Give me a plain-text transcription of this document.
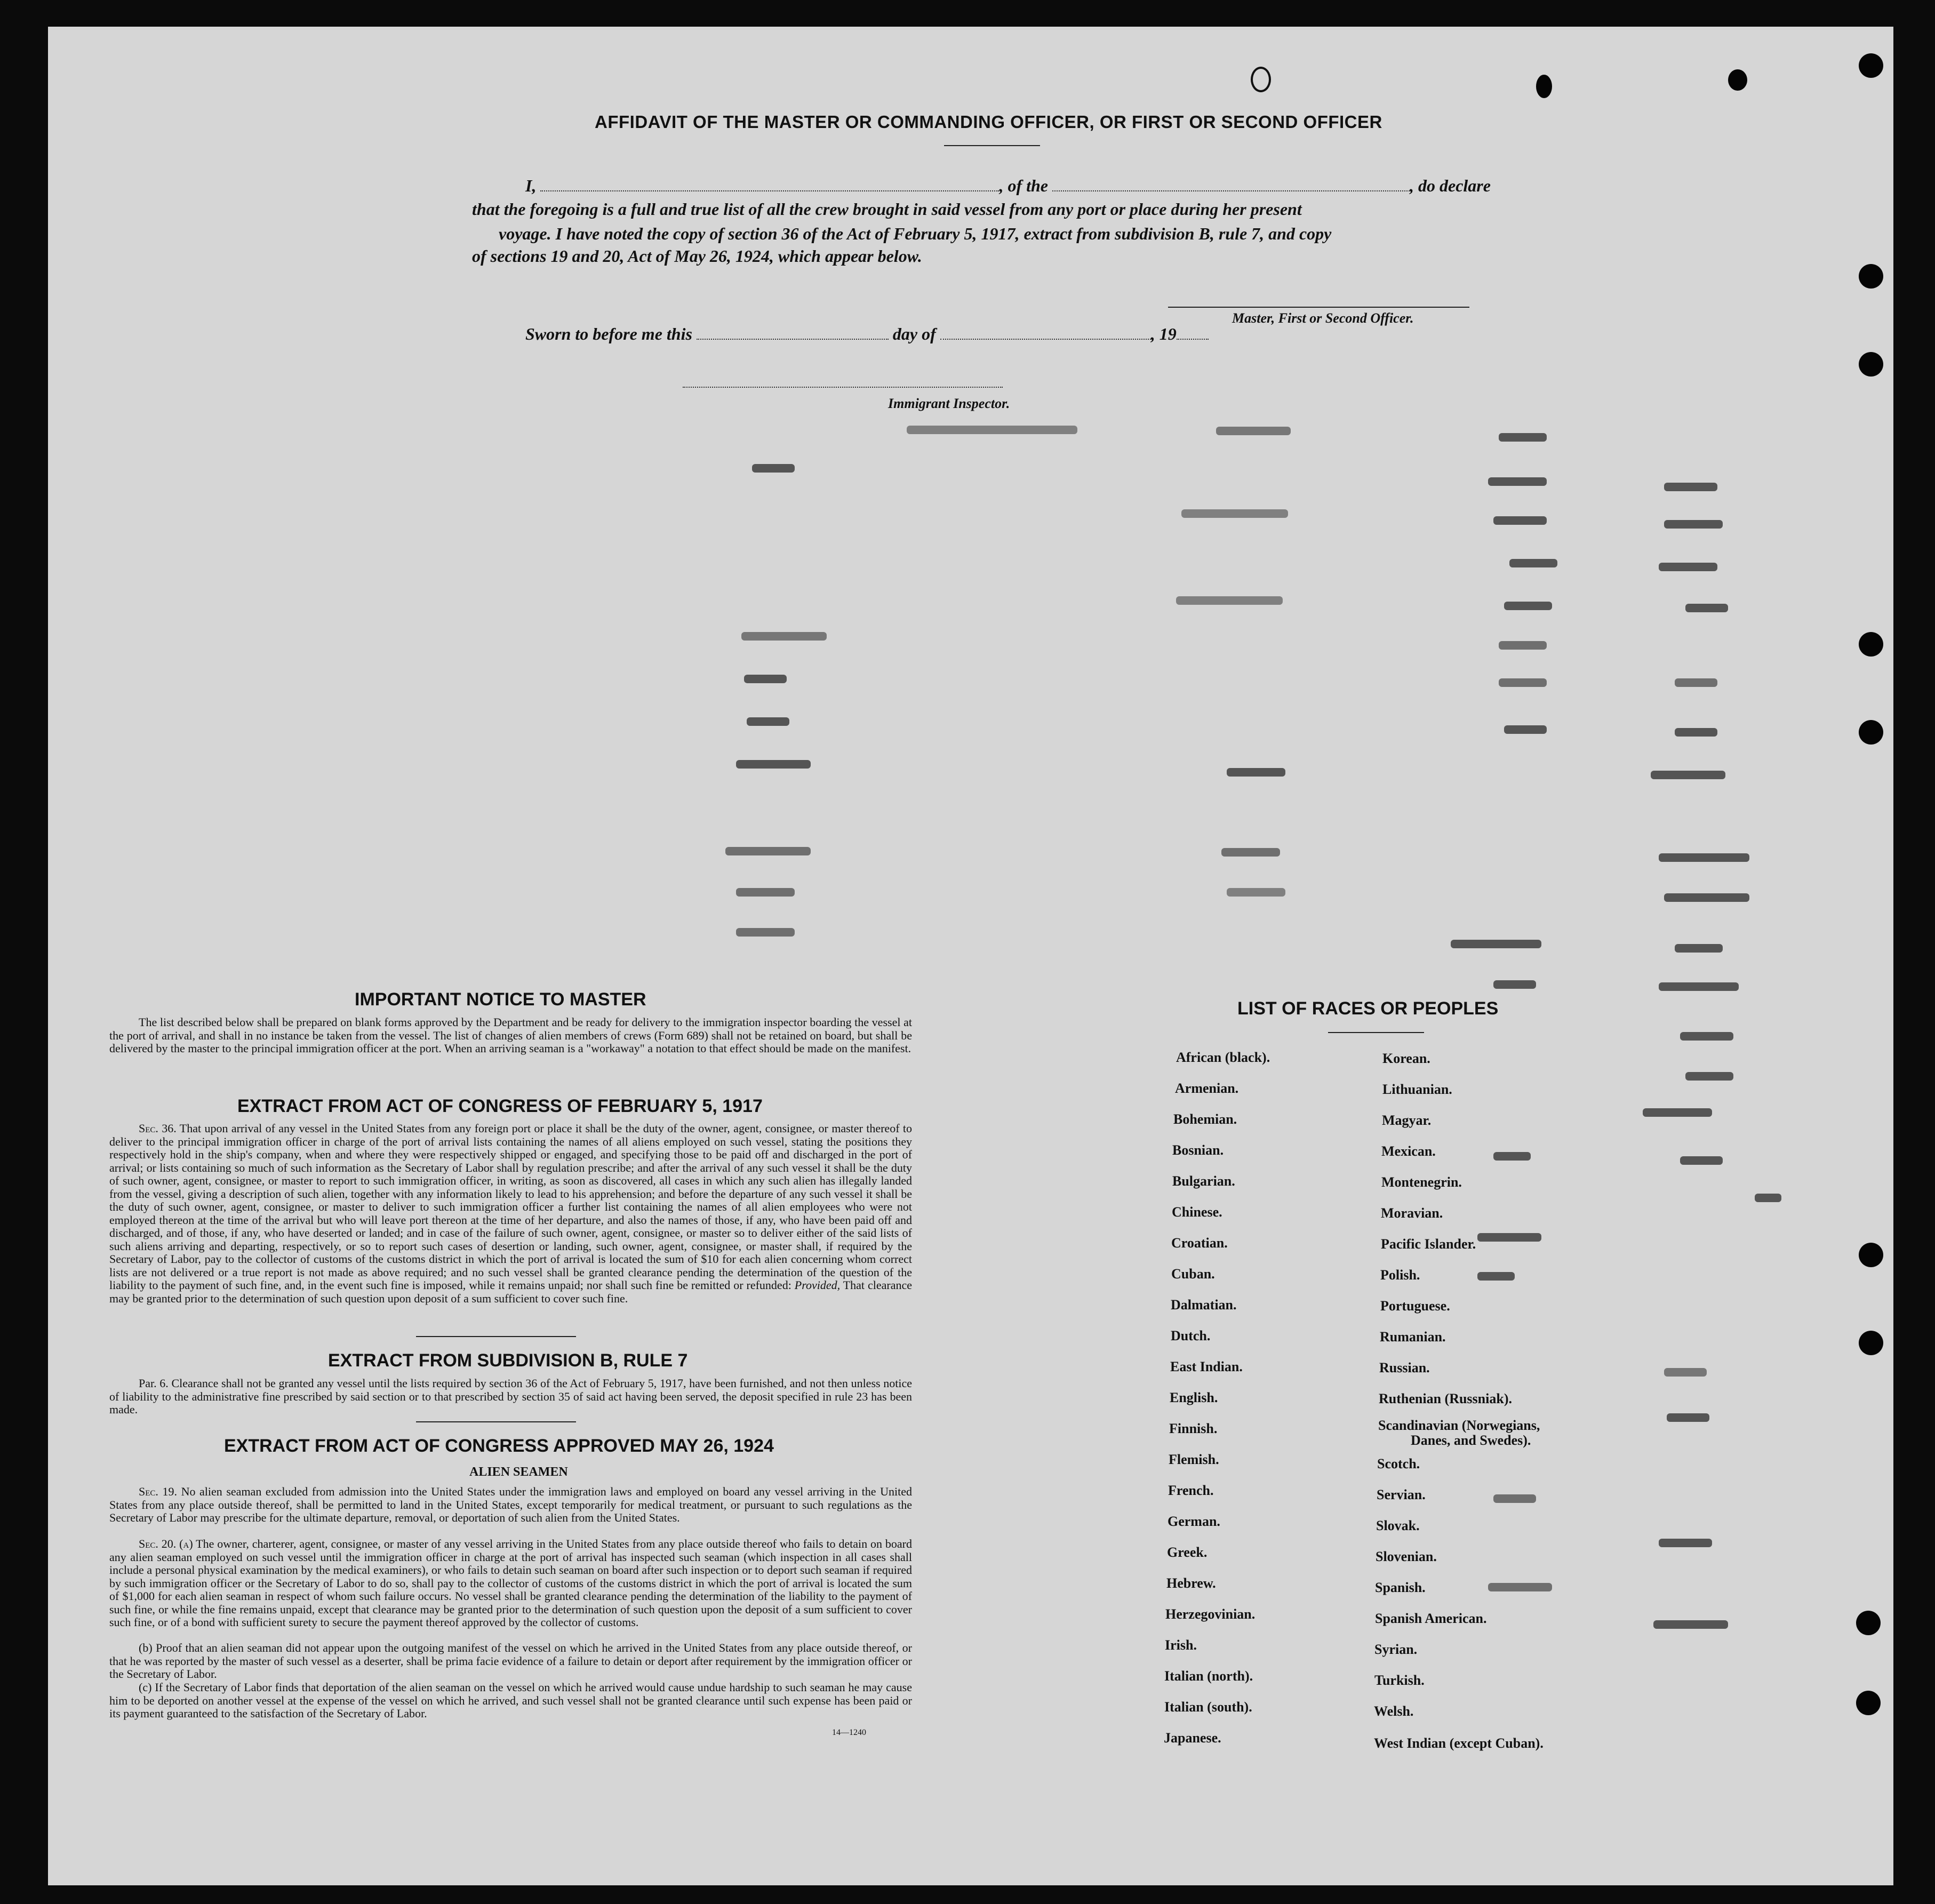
AFFIDAVIT OF THE MASTER OR COMMANDING OFFICER, OR FIRST OR SECOND OFFICER
I,	, of the	, do declare
that the foregoing is a full and true list of all the crew brought in said vessel from any port or place during her present
voyage. I have noted the copy of section 36 of the Act of February 5, 1917, extract from subdivision B, rule 7, and copy
of sections 19 and 20, Act of May 26, 1924, which appear below.
Master, First or Second Officer.
Sworn to before me this	day of	, 19
Immigrant Inspector.
IMPORTANT NOTICE TO MASTER
The list described below shall be prepared on blank forms approved by the Department and be ready for delivery to the immigration inspector boarding the vessel at the port of arrival, and shall in no instance be taken from the vessel. The list of changes of alien members of crews (Form 689) shall not be retained on board, but shall be delivered by the master to the principal immigration officer at the port. When an arriving seaman is a "workaway" a notation to that effect should be made on the manifest.
EXTRACT FROM ACT OF CONGRESS OF FEBRUARY 5, 1917
Sec. 36. That upon arrival of any vessel in the United States from any foreign port or place it shall be the duty of the owner, agent, consignee, or master thereof to deliver to the principal immigration officer in charge of the port of arrival lists containing the names of all aliens employed on such vessel, stating the positions they respectively hold in the ship's company, when and where they were respectively shipped or engaged, and specifying those to be paid off and discharged in the port of arrival; or lists containing so much of such information as the Secretary of Labor shall by regulation prescribe; and after the arrival of any such vessel it shall be the duty of such owner, agent, consignee, or master to report to such immigration officer, in writing, as soon as discovered, all cases in which any such alien has illegally landed from the vessel, giving a description of such alien, together with any information likely to lead to his apprehension; and before the departure of any such vessel it shall be the duty of such owner, agent, consignee, or master to deliver to such immigration officer a further list containing the names of all alien employees who were not employed thereon at the time of the arrival but who will leave port thereon at the time of her departure, and also the names of those, if any, who have been paid off and discharged, and of those, if any, who have deserted or landed; and in case of the failure of such owner, agent, consignee, or master so to deliver either of the said lists of such aliens arriving and departing, respectively, or so to report such cases of desertion or landing, such owner, agent, consignee, or master shall, if required by the Secretary of Labor, pay to the collector of customs of the customs district in which the port of arrival is located the sum of $10 for each alien concerning whom correct lists are not delivered or a true report is not made as above required; and no such vessel shall be granted clearance pending the determination of the question of the liability to the payment of such fine, and, in the event such fine is imposed, while it remains unpaid; nor shall such fine be remitted or refunded: Provided, That clearance may be granted prior to the determination of such question upon deposit of a sum sufficient to cover such fine.
EXTRACT FROM SUBDIVISION B, RULE 7
Par. 6. Clearance shall not be granted any vessel until the lists required by section 36 of the Act of February 5, 1917, have been furnished, and not then unless notice of liability to the administrative fine prescribed by said section or to that prescribed by section 35 of said act having been served, the deposit specified in rule 23 has been made.
EXTRACT FROM ACT OF CONGRESS APPROVED MAY 26, 1924
ALIEN SEAMEN
Sec. 19. No alien seaman excluded from admission into the United States under the immigration laws and employed on board any vessel arriving in the United States from any place outside thereof, shall be permitted to land in the United States, except temporarily for medical treatment, or pursuant to such regulations as the Secretary of Labor may prescribe for the ultimate departure, removal, or deportation of such alien from the United States.
Sec. 20. (a) The owner, charterer, agent, consignee, or master of any vessel arriving in the United States from any place outside thereof who fails to detain on board any alien seaman employed on such vessel until the immigration officer in charge at the port of arrival has inspected such seaman (which inspection in all cases shall include a personal physical examination by the medical examiners), or who fails to detain such seaman on board after such inspection or to deport such seaman if required by such immigration officer or the Secretary of Labor to do so, shall pay to the collector of customs of the customs district in which the port of arrival is located the sum of $1,000 for each alien seaman in respect of whom such failure occurs. No vessel shall be granted clearance pending the determination of the liability to the payment of such fine, or while the fine remains unpaid, except that clearance may be granted prior to the determination of such question upon the deposit of a sum sufficient to cover such fine, or of a bond with sufficient surety to secure the payment thereof approved by the collector of customs.
(b) Proof that an alien seaman did not appear upon the outgoing manifest of the vessel on which he arrived in the United States from any place outside thereof, or that he was reported by the master of such vessel as a deserter, shall be prima facie evidence of a failure to detain or deport after requirement by the immigration officer or the Secretary of Labor.
(c) If the Secretary of Labor finds that deportation of the alien seaman on the vessel on which he arrived would cause undue hardship to such seaman he may cause him to be deported on another vessel at the expense of the vessel on which he arrived, and such vessel shall not be granted clearance until such expense has been paid or its payment guaranteed to the satisfaction of the Secretary of Labor.
14—1240
LIST OF RACES OR PEOPLES
African (black).
Armenian.
Bohemian.
Bosnian.
Bulgarian.
Chinese.
Croatian.
Cuban.
Dalmatian.
Dutch.
East Indian.
English.
Finnish.
Flemish.
French.
German.
Greek.
Hebrew.
Herzegovinian.
Irish.
Italian (north).
Italian (south).
Japanese.
Korean.
Lithuanian.
Magyar.
Mexican.
Montenegrin.
Moravian.
Pacific Islander.
Polish.
Portuguese.
Rumanian.
Russian.
Ruthenian (Russniak).
Scandinavian (Norwegians,
Danes, and Swedes).
Scotch.
Servian.
Slovak.
Slovenian.
Spanish.
Spanish American.
Syrian.
Turkish.
Welsh.
West Indian (except Cuban).
